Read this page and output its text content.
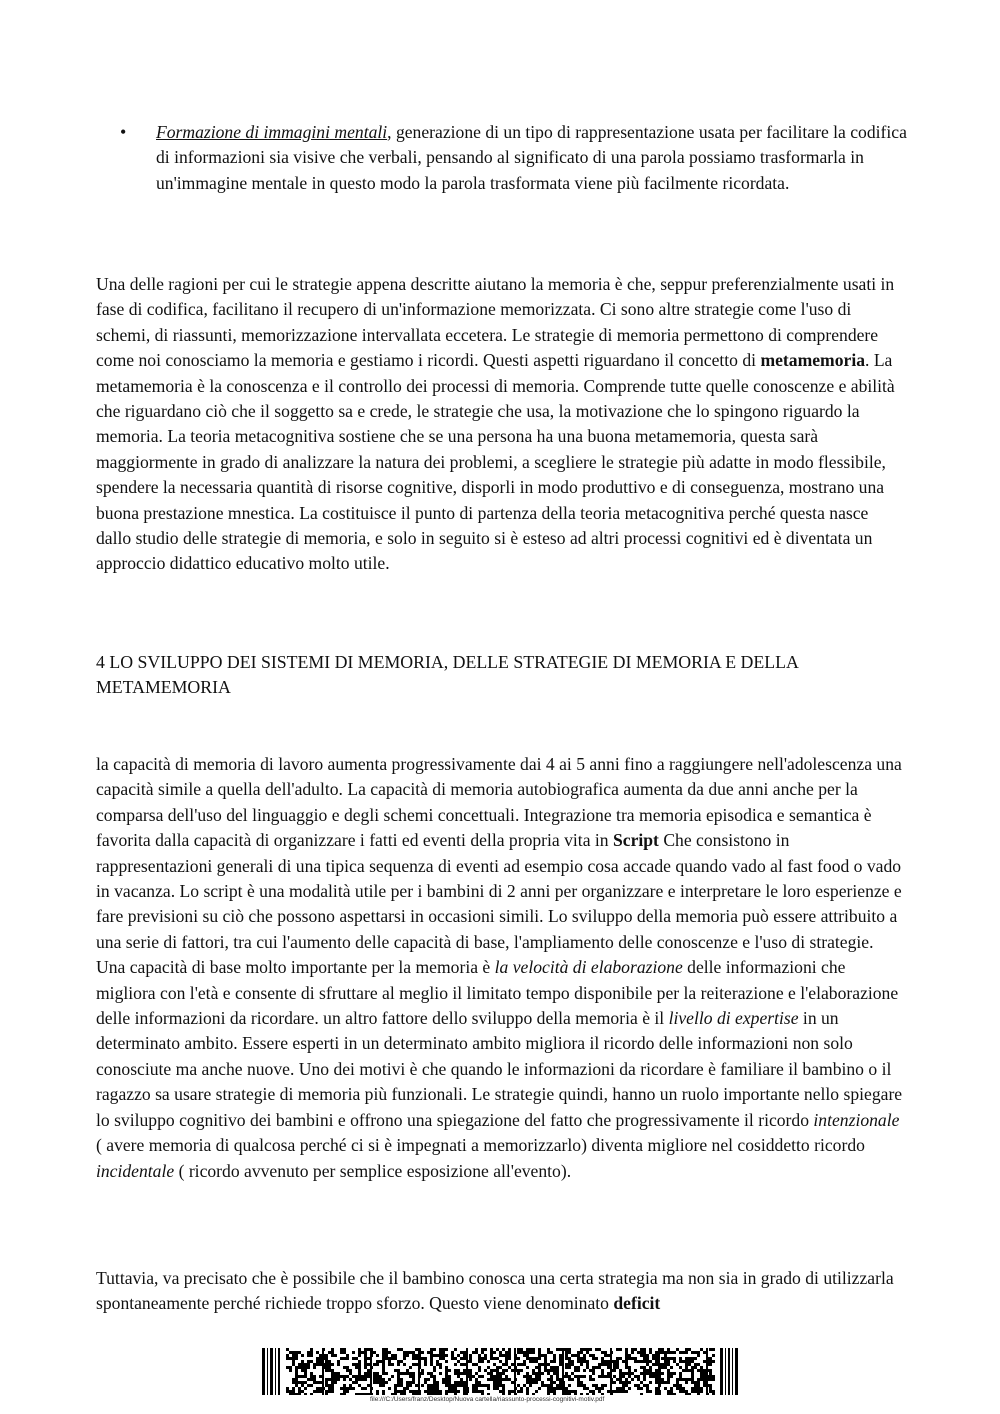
•	Formazione di immagini mentali, generazione di un tipo di rappresentazione usata per facilitare la codifica di informazioni sia visive che verbali, pensando al significato di una parola possiamo trasformarla in un'immagine mentale in questo modo la parola trasformata viene più facilmente ricordata.

Una delle ragioni per cui le strategie appena descritte aiutano la memoria è che, seppur preferenzialmente usati in fase di codifica, facilitano il recupero di un'informazione memorizzata. Ci sono altre strategie come l'uso di schemi, di riassunti, memorizzazione intervallata eccetera. Le strategie di memoria permettono di comprendere come noi conosciamo la memoria e gestiamo i ricordi. Questi aspetti riguardano il concetto di metamemoria. La metamemoria è la conoscenza e il controllo dei processi di memoria. Comprende tutte quelle conoscenze e abilità che riguardano ciò che il soggetto sa e crede, le strategie che usa, la motivazione che lo spingono riguardo la memoria. La teoria metacognitiva sostiene che se una persona ha una buona metamemoria, questa sarà maggiormente in grado di analizzare la natura dei problemi, a scegliere le strategie più adatte in modo flessibile, spendere la necessaria quantità di risorse cognitive, disporli in modo produttivo e di conseguenza, mostrano una buona prestazione mnestica. La costituisce il punto di partenza della teoria metacognitiva perché questa nasce dallo studio delle strategie di memoria, e solo in seguito si è esteso ad altri processi cognitivi ed è diventata un approccio didattico educativo molto utile.

4 LO SVILUPPO DEI SISTEMI DI MEMORIA, DELLE STRATEGIE DI MEMORIA E DELLA METAMEMORIA

la capacità di memoria di lavoro aumenta progressivamente dai 4 ai 5 anni fino a raggiungere nell'adolescenza una capacità simile a quella dell'adulto. La capacità di memoria autobiografica aumenta da due anni anche per la comparsa dell'uso del linguaggio e degli schemi concettuali. Integrazione tra memoria episodica e semantica è favorita dalla capacità di organizzare i fatti ed eventi della propria vita in Script Che consistono in rappresentazioni generali di una tipica sequenza di eventi ad esempio cosa accade quando vado al fast food o vado in vacanza. Lo script è una modalità utile per i bambini di 2 anni per organizzare e interpretare le loro esperienze e fare previsioni su ciò che possono aspettarsi in occasioni simili. Lo sviluppo della memoria può essere attribuito a una serie di fattori, tra cui l'aumento delle capacità di base, l'ampliamento delle conoscenze e l'uso di strategie. Una capacità di base molto importante per la memoria è la velocità di elaborazione delle informazioni che migliora con l'età e consente di sfruttare al meglio il limitato tempo disponibile per la reiterazione e l'elaborazione delle informazioni da ricordare. un altro fattore dello sviluppo della memoria è il livello di expertise in un determinato ambito. Essere esperti in un determinato ambito migliora il ricordo delle informazioni non solo conosciute ma anche nuove. Uno dei motivi è che quando le informazioni da ricordare è familiare il bambino o il ragazzo sa usare strategie di memoria più funzionali. Le strategie quindi, hanno un ruolo importante nello spiegare lo sviluppo cognitivo dei bambini e offrono una spiegazione del fatto che progressivamente il ricordo intenzionale ( avere memoria di qualcosa perché ci si è impegnati a memorizzarlo) diventa migliore nel cosiddetto ricordo incidentale ( ricordo avvenuto per semplice esposizione all'evento).

Tuttavia, va precisato che è possibile che il bambino conosca una certa strategia ma non sia in grado di utilizzarla spontaneamente perché richiede troppo sforzo. Questo viene denominato deficit

file:///C:/Users/franz/Desktop/Nuova cartella/riassunto-processi-cognitivi-motiv.pdf
